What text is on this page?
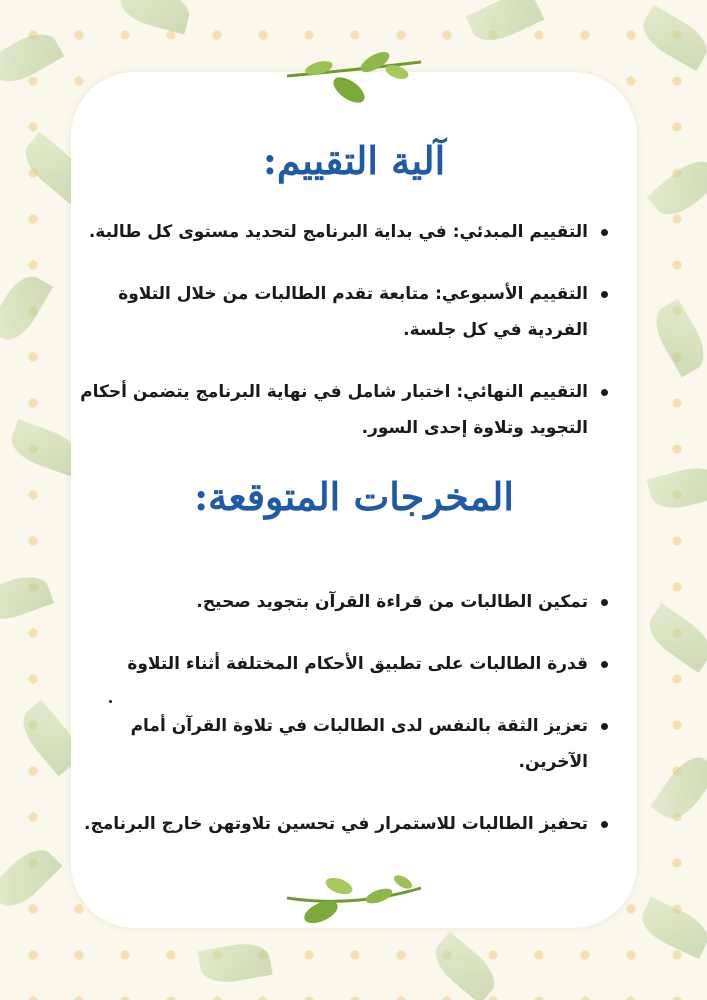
آلية التقييم:
التقييم المبدئي: في بداية البرنامج لتحديد مستوى كل طالبة.
التقييم الأسبوعي: متابعة تقدم الطالبات من خلال التلاوة الفردية في كل جلسة.
التقييم النهائي: اختبار شامل في نهاية البرنامج يتضمن أحكام التجويد وتلاوة إحدى السور.
المخرجات المتوقعة:
تمكين الطالبات من قراءة القرآن بتجويد صحيح.
قدرة الطالبات على تطبيق الأحكام المختلفة أثناء التلاوة
تعزيز الثقة بالنفس لدى الطالبات في تلاوة القرآن أمام الآخرين.
تحفيز الطالبات للاستمرار في تحسين تلاوتهن خارج البرنامج.
